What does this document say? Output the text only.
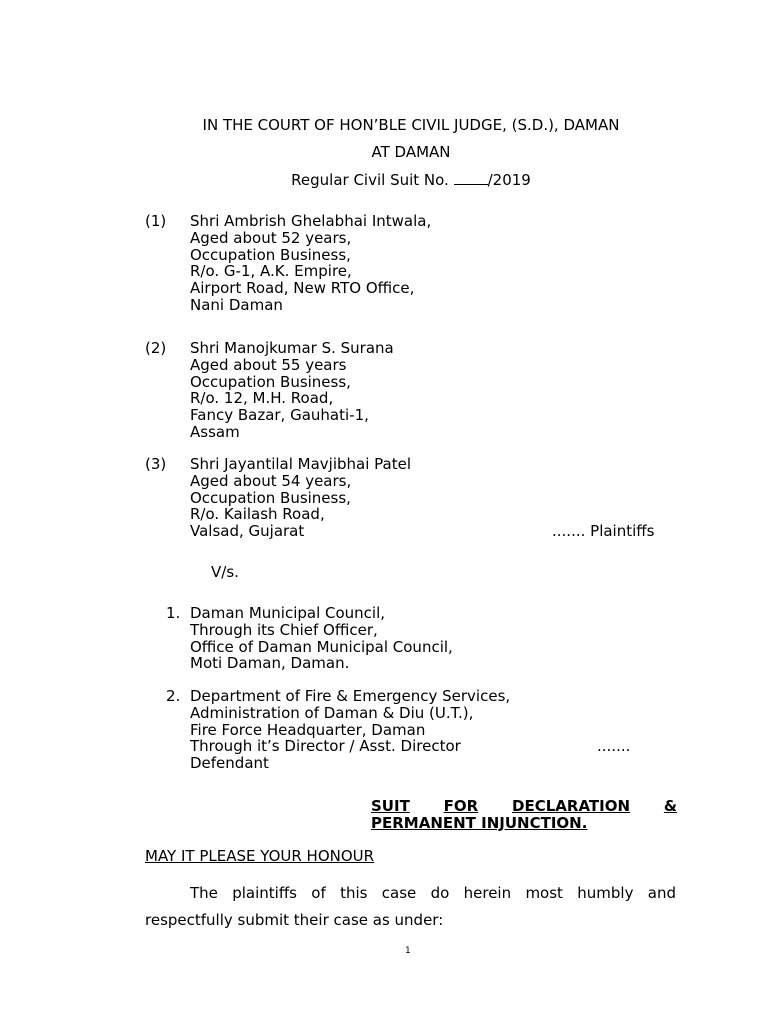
IN THE COURT OF HON’BLE CIVIL JUDGE, (S.D.), DAMAN
AT DAMAN
Regular Civil Suit No. /2019
(1) Shri Ambrish Ghelabhai Intwala,
Aged about 52 years,
Occupation Business,
R/o. G-1, A.K. Empire,
Airport Road, New RTO Office,
Nani Daman
(2) Shri Manojkumar S. Surana
Aged about 55 years
Occupation Business,
R/o. 12, M.H. Road,
Fancy Bazar, Gauhati-1,
Assam
(3) Shri Jayantilal Mavjibhai Patel
Aged about 54 years,
Occupation Business,
R/o. Kailash Road,
Valsad, Gujarat	....... Plaintiffs
V/s.
1. Daman Municipal Council,
Through its Chief Officer,
Office of Daman Municipal Council,
Moti Daman, Daman.
2. Department of Fire & Emergency Services,
Administration of Daman & Diu (U.T.),
Fire Force Headquarter, Daman
Through it’s Director / Asst. Director
Defendant
.......
SUIT FOR DECLARATION &
PERMANENT INJUNCTION.
MAY IT PLEASE YOUR HONOUR
The plaintiffs of this case do herein most humbly and respectfully submit their case as under:
1
